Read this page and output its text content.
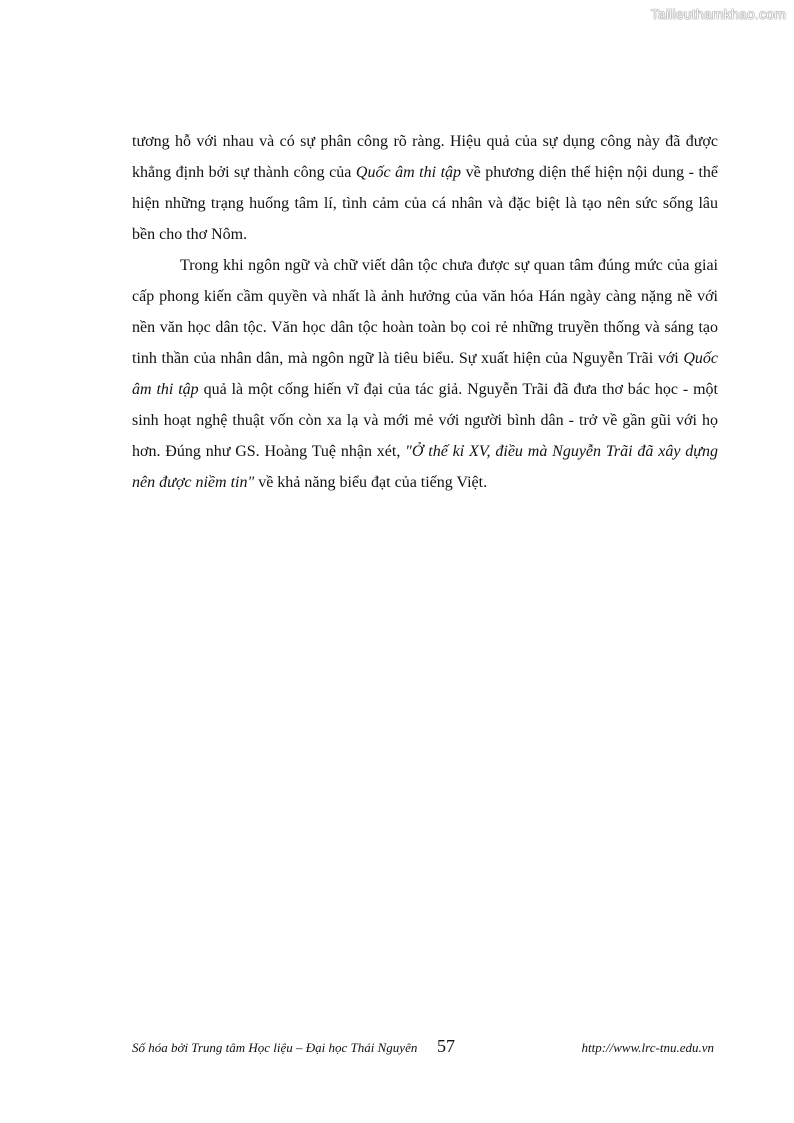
Tailieuthamkhao.com

tương hỗ với nhau và có sự phân công rõ ràng. Hiệu quả của sự dụng công này đã được khẳng định bởi sự thành công của Quốc âm thi tập về phương diện thể hiện nội dung - thể hiện những trạng huống tâm lí, tình cảm của cá nhân và đặc biệt là tạo nên sức sống lâu bền cho thơ Nôm.

Trong khi ngôn ngữ và chữ viết dân tộc chưa được sự quan tâm đúng mức của giai cấp phong kiến cầm quyền và nhất là ảnh hưởng của văn hóa Hán ngày càng nặng nề với nền văn học dân tộc. Văn học dân tộc hoàn toàn bọ coi rẻ những truyền thống và sáng tạo tinh thần của nhân dân, mà ngôn ngữ là tiêu biểu. Sự xuất hiện của Nguyễn Trãi với Quốc âm thi tập quả là một cống hiến vĩ đại của tác giả. Nguyễn Trãi đã đưa thơ bác học - một sinh hoạt nghệ thuật vốn còn xa lạ và mới mẻ với người bình dân - trở về gần gũi với họ hơn. Đúng như GS. Hoàng Tuệ nhận xét, "Ở thế kỉ XV, điều mà Nguyễn Trãi đã xây dựng nên được niềm tin" về khả năng biểu đạt của tiếng Việt.

Số hóa bởi Trung tâm Học liệu – Đại học Thái Nguyên 57	http://www.lrc-tnu.edu.vn
